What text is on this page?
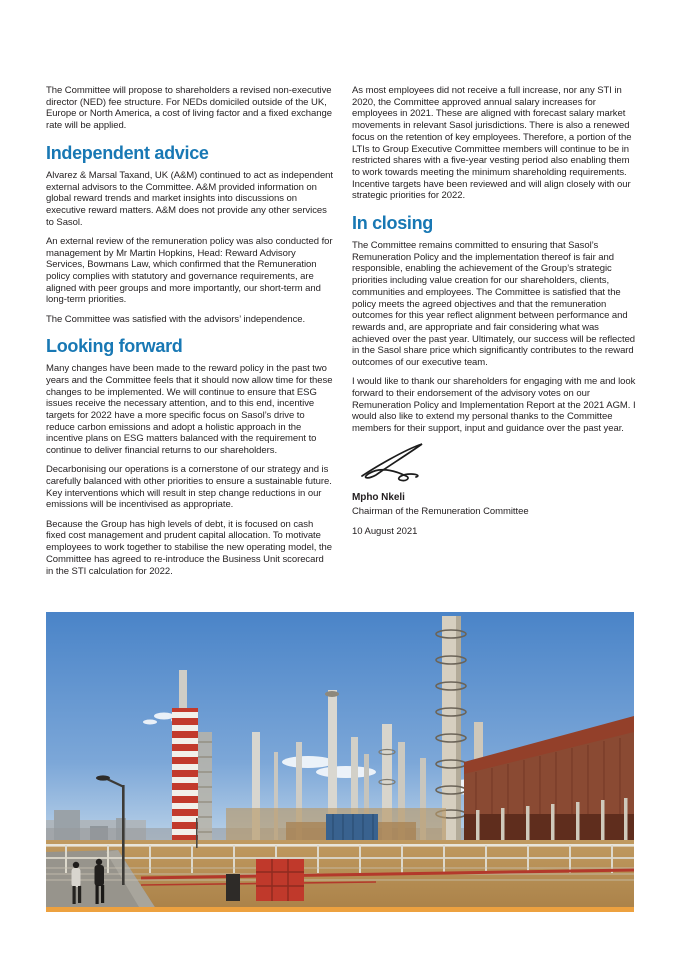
The Committee will propose to shareholders a revised non-executive director (NED) fee structure. For NEDs domiciled outside of the UK, Europe or North America, a cost of living factor and a fixed exchange rate will be applied.

Independent advice

Alvarez & Marsal Taxand, UK (A&M) continued to act as independent external advisors to the Committee. A&M provided information on global reward trends and market insights into discussions on executive reward matters. A&M does not provide any other services to Sasol.

An external review of the remuneration policy was also conducted for management by Mr Martin Hopkins, Head: Reward Advisory Services, Bowmans Law, which confirmed that the Remuneration policy complies with statutory and governance requirements, are aligned with peer groups and more importantly, our short-term and long-term priorities.

The Committee was satisfied with the advisors’ independence.

Looking forward

Many changes have been made to the reward policy in the past two years and the Committee feels that it should now allow time for these changes to be implemented. We will continue to ensure that ESG issues receive the necessary attention, and to this end, incentive targets for 2022 have a more specific focus on Sasol’s drive to reduce carbon emissions and adopt a holistic approach in the incentive plans on ESG matters balanced with the requirement to continue to deliver financial returns to our shareholders.

Decarbonising our operations is a cornerstone of our strategy and is carefully balanced with other priorities to ensure a sustainable future. Key interventions which will result in step change reductions in our emissions will be incentivised as appropriate.

Because the Group has high levels of debt, it is focused on cash fixed cost management and prudent capital allocation. To motivate employees to work together to stabilise the new operating model, the Committee has agreed to re-introduce the Business Unit scorecard in the STI calculation for 2022.

As most employees did not receive a full increase, nor any STI in 2020, the Committee approved annual salary increases for employees in 2021. These are aligned with forecast salary market movements in relevant Sasol jurisdictions. There is also a renewed focus on the retention of key employees. Therefore, a portion of the LTIs to Group Executive Committee members will continue to be in restricted shares with a five-year vesting period also enabling them to work towards meeting the minimum shareholding requirements. Incentive targets have been reviewed and will align closely with our strategic priorities for 2022.

In closing

The Committee remains committed to ensuring that Sasol’s Remuneration Policy and the implementation thereof is fair and responsible, enabling the achievement of the Group’s strategic priorities including value creation for our shareholders, clients, communities and employees. The Committee is satisfied that the policy meets the agreed objectives and that the remuneration outcomes for this year reflect alignment between performance and rewards and, are appropriate and fair considering what was achieved over the past year. Ultimately, our success will be reflected in the Sasol share price which significantly contributes to the reward outcomes of our executive team.

I would like to thank our shareholders for engaging with me and look forward to their endorsement of the advisory votes on our Remuneration Policy and Implementation Report at the 2021 AGM. I would also like to extend my personal thanks to the Committee members for their support, input and guidance over the past year.

Mpho Nkeli

Chairman of the Remuneration Committee

10 August 2021
